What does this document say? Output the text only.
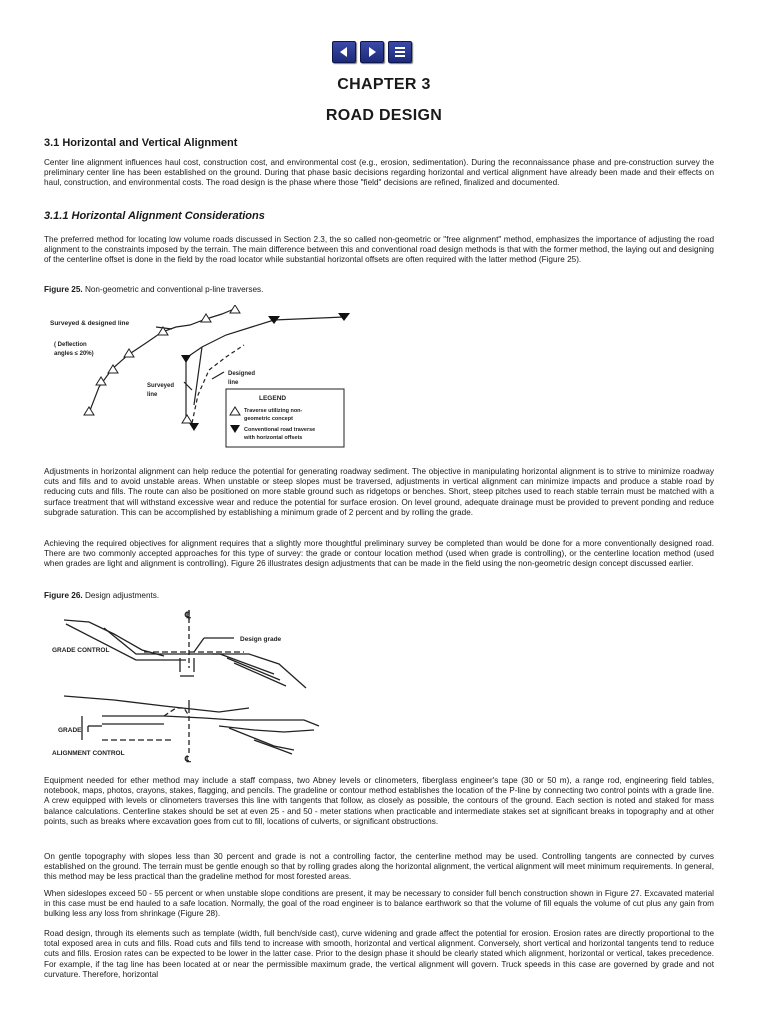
CHAPTER 3
ROAD DESIGN
3.1 Horizontal and Vertical Alignment

Center line alignment influences haul cost, construction cost, and environmental cost (e.g., erosion, sedimentation). During the reconnaissance phase and pre-construction survey the preliminary center line has been established on the ground. During that phase basic decisions regarding horizontal and vertical alignment have already been made and their effects on haul, construction, and environmental costs. The road design is the phase where those "field" decisions are refined, finalized and documented.

3.1.1 Horizontal Alignment Considerations

The preferred method for locating low volume roads discussed in Section 2.3, the so called non-geometric or "free alignment" method, emphasizes the importance of adjusting the road alignment to the constraints imposed by the terrain. The main difference between this and conventional road design methods is that with the former method, the laying out and designing of the centerline offset is done in the field by the road locator while substantial horizontal offsets are often required with the latter method (Figure 25).

Figure 25. Non-geometric and conventional p-line traverses.
Surveyed & designed line
( Deflection
angles ≤ 20%)
Surveyed
line
Designed
line
LEGEND
Traverse utilizing non-
geometric concept
Conventional road traverse
with horizontal offsets

Adjustments in horizontal alignment can help reduce the potential for generating roadway sediment. The objective in manipulating horizontal alignment is to strive to minimize roadway cuts and fills and to avoid unstable areas. When unstable or steep slopes must be traversed, adjustments in vertical alignment can minimize impacts and produce a stable road by reducing cuts and fills. The route can also be positioned on more stable ground such as ridgetops or benches. Short, steep pitches used to reach stable terrain must be matched with a surface treatment that will withstand excessive wear and reduce the potential for surface erosion. On level ground, adequate drainage must be provided to prevent ponding and reduce subgrade saturation. This can be accomplished by establishing a minimum grade of 2 percent and by rolling the grade.

Achieving the required objectives for alignment requires that a slightly more thoughtful preliminary survey be completed than would be done for a more conventionally designed road. There are two commonly accepted approaches for this type of survey: the grade or contour location method (used when grade is controlling), or the centerline location method (used when grades are light and alignment is controlling). Figure 26 illustrates design adjustments that can be made in the field using the non-geometric design concept discussed earlier.

Figure 26. Design adjustments.
Design grade
GRADE CONTROL
GRADE
ALIGNMENT CONTROL
℄
℄

Equipment needed for ether method may include a staff compass, two Abney levels or clinometers, fiberglass engineer's tape (30 or 50 m), a range rod, engineering field tables, notebook, maps, photos, crayons, stakes, flagging, and pencils. The gradeline or contour method establishes the location of the P-line by connecting two control points with a grade line. A crew equipped with levels or clinometers traverses this line with tangents that follow, as closely as possible, the contours of the ground. Each section is noted and staked for mass balance calculations. Centerline stakes should be set at even 25 - and 50 - meter stations when practicable and intermediate stakes set at significant breaks in topography and at other points, such as breaks where excavation goes from cut to fill, locations of culverts, or significant obstructions.

On gentle topography with slopes less than 30 percent and grade is not a controlling factor, the centerline method may be used. Controlling tangents are connected by curves established on the ground. The terrain must be gentle enough so that by rolling grades along the horizontal alignment, the vertical alignment will meet minimum requirements. In general, this method may be less practical than the gradeline method for most forested areas.

When sideslopes exceed 50 - 55 percent or when unstable slope conditions are present, it may be necessary to consider full bench construction shown in Figure 27. Excavated material in this case must be end hauled to a safe location. Normally, the goal of the road engineer is to balance earthwork so that the volume of fill equals the volume of cut plus any gain from bulking less any loss from shrinkage (Figure 28).

Road design, through its elements such as template (width, full bench/side cast), curve widening and grade affect the potential for erosion. Erosion rates are directly proportional to the total exposed area in cuts and fills. Road cuts and fills tend to increase with smooth, horizontal and vertical alignment. Conversely, short vertical and horizontal tangents tend to reduce cuts and fills. Erosion rates can be expected to be lower in the latter case. Prior to the design phase it should be clearly stated which alignment, horizontal or vertical, takes precedence. For example, if the tag line has been located at or near the permissible maximum grade, the vertical alignment will govern. Truck speeds in this case are governed by grade and not curvature. Therefore, horizontal
